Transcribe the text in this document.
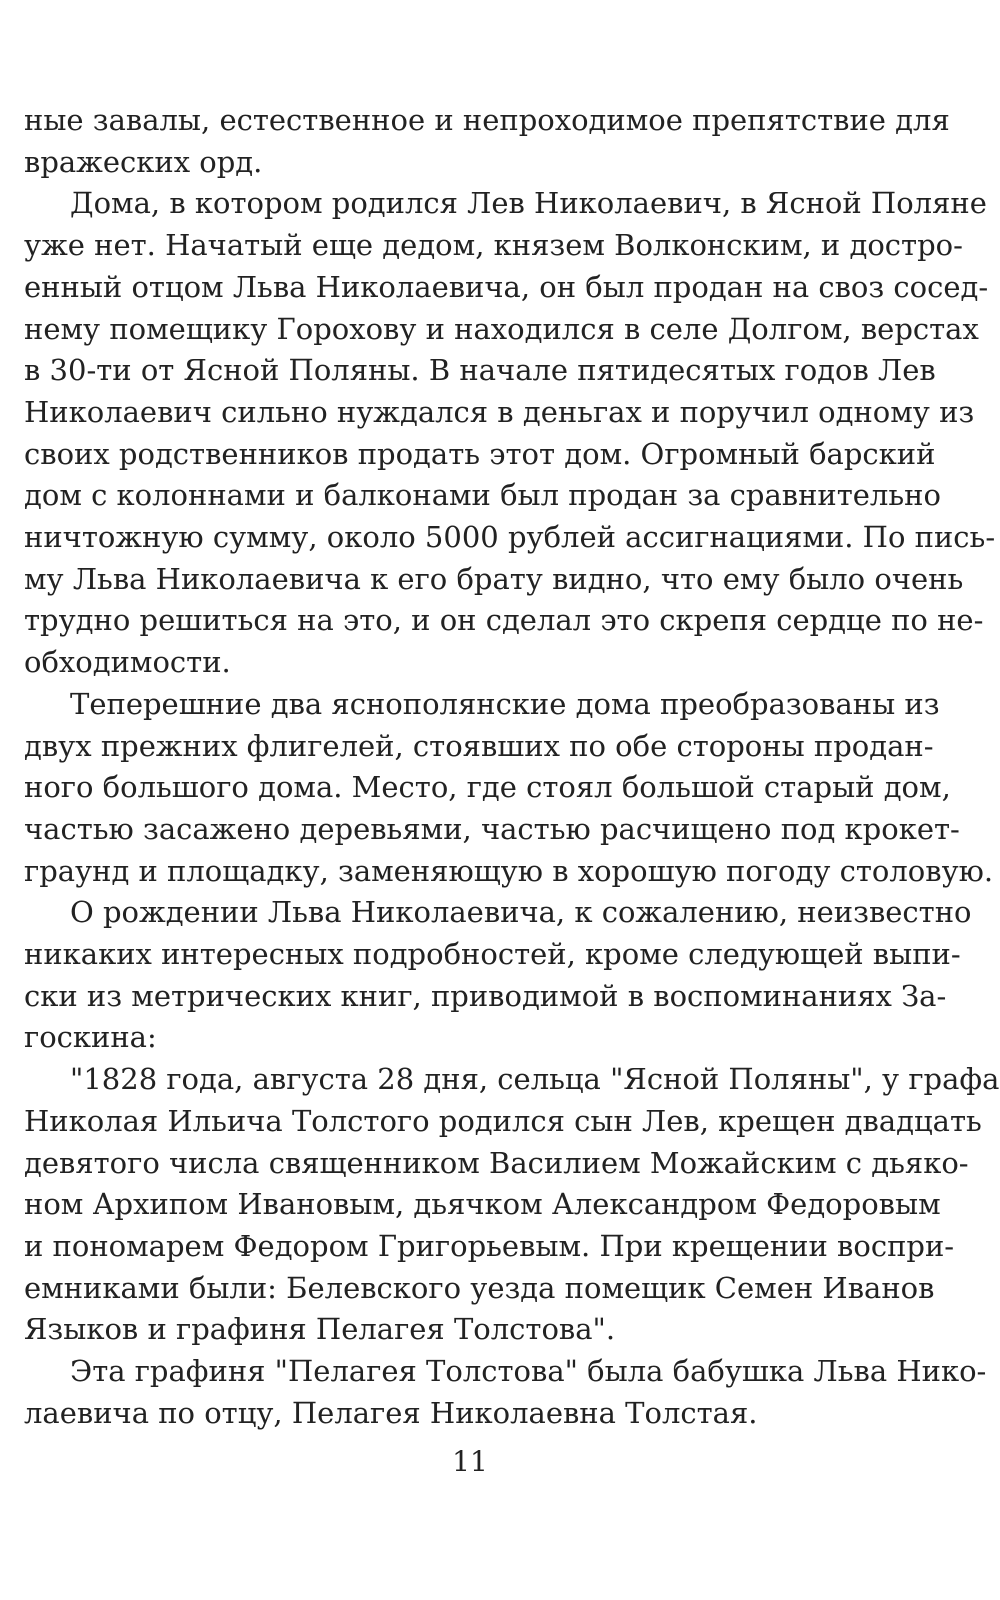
ные завалы, естественное и непроходимое препятствие для
вражеских орд.
Дома, в котором родился Лев Николаевич, в Ясной Поляне
уже нет. Начатый еще дедом, князем Волконским, и достро-
енный отцом Льва Николаевича, он был продан на своз сосед-
нему помещику Горохову и находился в селе Долгом, верстах
в 30-ти от Ясной Поляны. В начале пятидесятых годов Лев
Николаевич сильно нуждался в деньгах и поручил одному из
своих родственников продать этот дом. Огромный барский
дом с колоннами и балконами был продан за сравнительно
ничтожную сумму, около 5000 рублей ассигнациями. По пись-
му Льва Николаевича к его брату видно, что ему было очень
трудно решиться на это, и он сделал это скрепя сердце по не-
обходимости.
Теперешние два яснополянские дома преобразованы из
двух прежних флигелей, стоявших по обе стороны продан-
ного большого дома. Место, где стоял большой старый дом,
частью засажено деревьями, частью расчищено под крокет-
граунд и площадку, заменяющую в хорошую погоду столовую.
О рождении Льва Николаевича, к сожалению, неизвестно
никаких интересных подробностей, кроме следующей выпи-
ски из метрических книг, приводимой в воспоминаниях За-
госкина:
"1828 года, августа 28 дня, сельца "Ясной Поляны", у графа
Николая Ильича Толстого родился сын Лев, крещен двадцать
девятого числа священником Василием Можайским с дьяко-
ном Архипом Ивановым, дьячком Александром Федоровым
и пономарем Федором Григорьевым. При крещении воспри-
емниками были: Белевского уезда помещик Семен Иванов
Языков и графиня Пелагея Толстова".
Эта графиня "Пелагея Толстова" была бабушка Льва Нико-
лаевича по отцу, Пелагея Николаевна Толстая.
11
